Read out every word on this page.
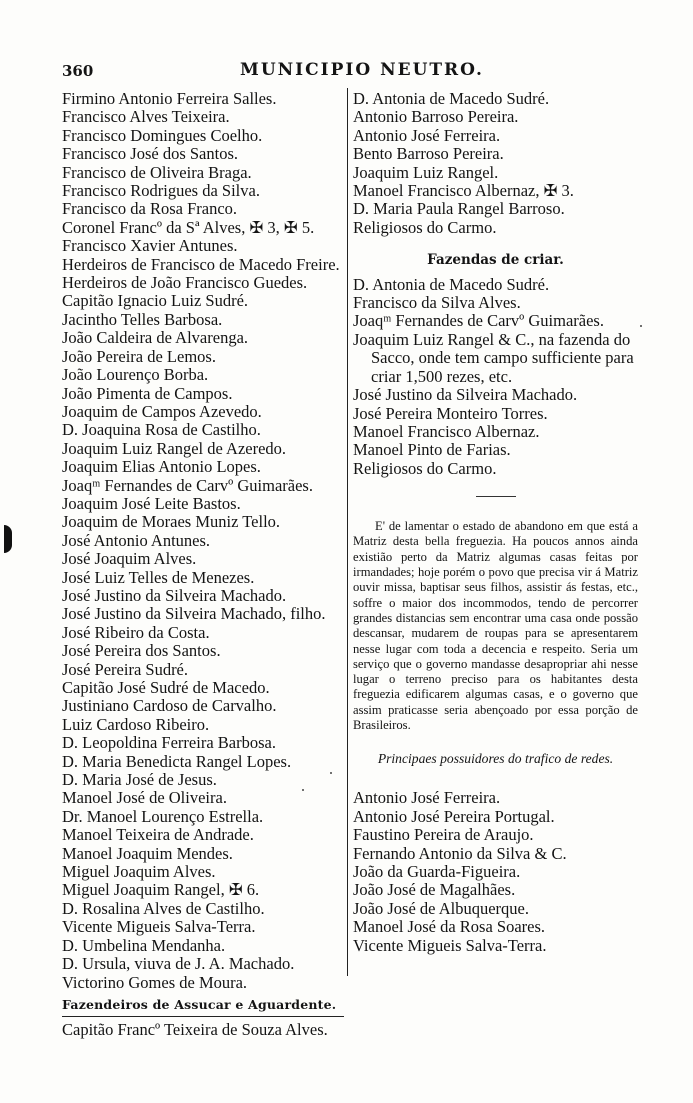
360	MUNICIPIO NEUTRO.
Firmino Antonio Ferreira Salles.
Francisco Alves Teixeira.
Francisco Domingues Coelho.
Francisco José dos Santos.
Francisco de Oliveira Braga.
Francisco Rodrigues da Silva.
Francisco da Rosa Franco.
Coronel Francº da Sª Alves, ✠ 3, ✠ 5.
Francisco Xavier Antunes.
Herdeiros de Francisco de Macedo Freire.
Herdeiros de João Francisco Guedes.
Capitão Ignacio Luiz Sudré.
Jacintho Telles Barbosa.
João Caldeira de Alvarenga.
João Pereira de Lemos.
João Lourenço Borba.
João Pimenta de Campos.
Joaquim de Campos Azevedo.
D. Joaquina Rosa de Castilho.
Joaquim Luiz Rangel de Azeredo.
Joaquim Elias Antonio Lopes.
Joaqᵐ Fernandes de Carvº Guimarães.
Joaquim José Leite Bastos.
Joaquim de Moraes Muniz Tello.
José Antonio Antunes.
José Joaquim Alves.
José Luiz Telles de Menezes.
José Justino da Silveira Machado.
José Justino da Silveira Machado, filho.
José Ribeiro da Costa.
José Pereira dos Santos.
José Pereira Sudré.
Capitão José Sudré de Macedo.
Justiniano Cardoso de Carvalho.
Luiz Cardoso Ribeiro.
D. Leopoldina Ferreira Barbosa.
D. Maria Benedicta Rangel Lopes.
D. Maria José de Jesus.
Manoel José de Oliveira.
Dr. Manoel Lourenço Estrella.
Manoel Teixeira de Andrade.
Manoel Joaquim Mendes.
Miguel Joaquim Alves.
Miguel Joaquim Rangel, ✠ 6.
D. Rosalina Alves de Castilho.
Vicente Migueis Salva-Terra.
D. Umbelina Mendanha.
D. Ursula, viuva de J. A. Machado.
Victorino Gomes de Moura.
Fazendeiros de Assucar e Aguardente.
Capitão Francº Teixeira de Souza Alves.
D. Antonia de Macedo Sudré.
Antonio Barroso Pereira.
Antonio José Ferreira.
Bento Barroso Pereira.
Joaquim Luiz Rangel.
Manoel Francisco Albernaz, ✠ 3.
D. Maria Paula Rangel Barroso.
Religiosos do Carmo.
Fazendas de criar.
D. Antonia de Macedo Sudré.
Francisco da Silva Alves.
Joaqᵐ Fernandes de Carvº Guimarães.
Joaquim Luiz Rangel & C., na fazenda do Sacco, onde tem campo sufficiente para criar 1,500 rezes, etc.
José Justino da Silveira Machado.
José Pereira Monteiro Torres.
Manoel Francisco Albernaz.
Manoel Pinto de Farias.
Religiosos do Carmo.
E' de lamentar o estado de abandono em que está a Matriz desta bella freguezia. Ha poucos annos ainda existião perto da Matriz algumas casas feitas por irmandades; hoje porém o povo que precisa vir á Matriz ouvir missa, baptisar seus filhos, assistir ás festas, etc., soffre o maior dos incommodos, tendo de percorrer grandes distancias sem encontrar uma casa onde possão descansar, mudarem de roupas para se apresentarem nesse lugar com toda a decencia e respeito. Seria um serviço que o governo mandasse desapropriar ahi nesse lugar o terreno preciso para os habitantes desta freguezia edificarem algumas casas, e o governo que assim praticasse seria abençoado por essa porção de Brasileiros.
Principaes possuidores do trafico de redes.
Antonio José Ferreira.
Antonio José Pereira Portugal.
Faustino Pereira de Araujo.
Fernando Antonio da Silva & C.
João da Guarda-Figueira.
João José de Magalhães.
João José de Albuquerque.
Manoel José da Rosa Soares.
Vicente Migueis Salva-Terra.
